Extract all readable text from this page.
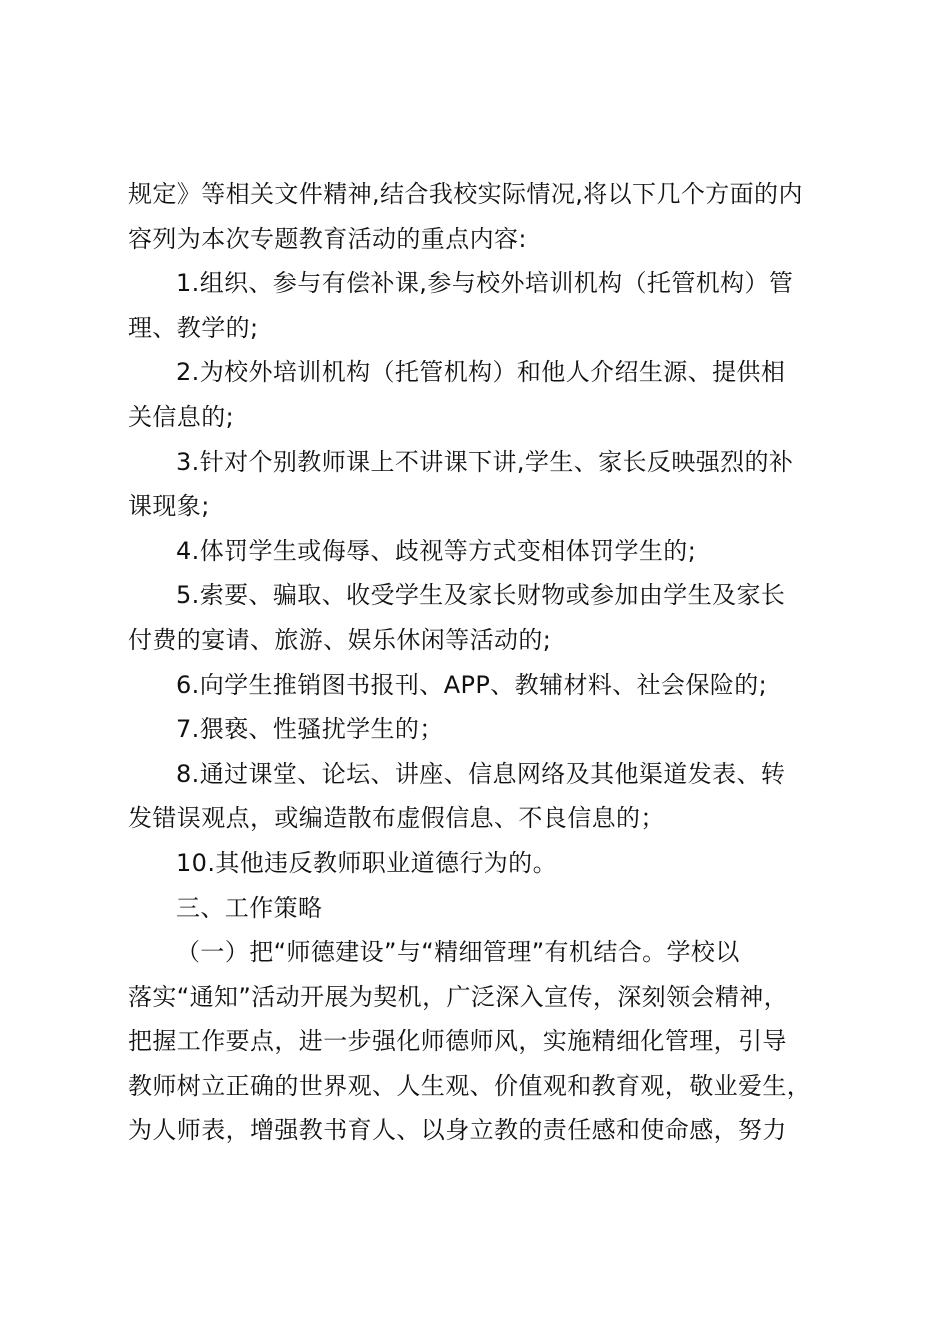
规定》等相关文件精神,结合我校实际情况,将以下几个方面的内
容列为本次专题教育活动的重点内容:
1.组织、参与有偿补课,参与校外培训机构（托管机构）管
理、教学的;
2.为校外培训机构（托管机构）和他人介绍生源、提供相
关信息的;
3.针对个别教师课上不讲课下讲,学生、家长反映强烈的补
课现象;
4.体罚学生或侮辱、歧视等方式变相体罚学生的;
5.索要、骗取、收受学生及家长财物或参加由学生及家长
付费的宴请、旅游、娱乐休闲等活动的;
6.向学生推销图书报刊、APP、教辅材料、社会保险的;
7.猥亵、性骚扰学生的；
8.通过课堂、论坛、讲座、信息网络及其他渠道发表、转
发错误观点，或编造散布虚假信息、不良信息的；
10.其他违反教师职业道德行为的。
三、工作策略
（一）把“师德建设”与“精细管理”有机结合。学校以
落实“通知”活动开展为契机，广泛深入宣传，深刻领会精神，
把握工作要点，进一步强化师德师风，实施精细化管理，引导
教师树立正确的世界观、人生观、价值观和教育观，敬业爱生，
为人师表，增强教书育人、以身立教的责任感和使命感，努力
